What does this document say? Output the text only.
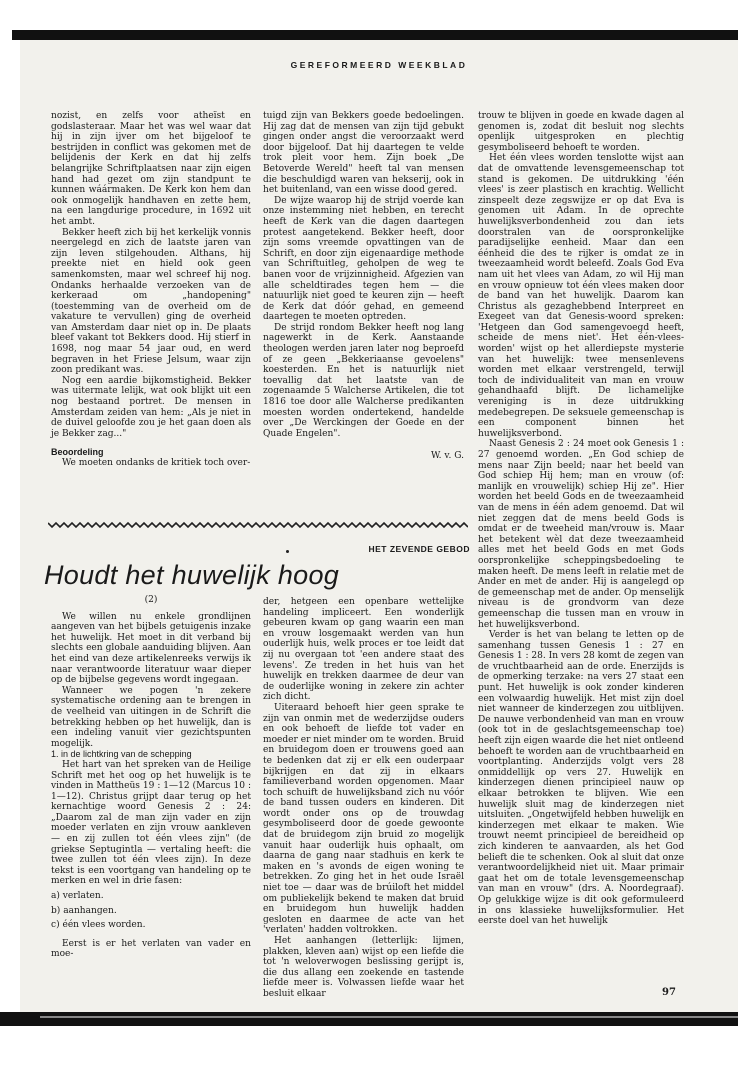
GEREFORMEERD WEEKBLAD

nozist, en zelfs voor atheïst en godslasteraar. Maar het was wel waar dat hij in zijn ijver om het bijgeloof te bestrijden in conflict was gekomen met de belijdenis der Kerk en dat hij zelfs belangrijke Schriftplaatsen naar zijn eigen hand had gezet om zijn standpunt te kunnen wáármaken. De Kerk kon hem dan ook onmogelijk handhaven en zette hem, na een langdurige procedure, in 1692 uit het ambt.

Bekker heeft zich bij het kerkelijk vonnis neergelegd en zich de laatste jaren van zijn leven stilgehouden. Althans, hij preekte niet en hield ook geen samenkomsten, maar wel schreef hij nog. Ondanks herhaalde verzoeken van de kerkeraad om „handopening" (toestemming van de overheid om de vakature te vervullen) ging de overheid van Amsterdam daar niet op in. De plaats bleef vakant tot Bekkers dood. Hij stierf in 1698, nog maar 54 jaar oud, en werd begraven in het Friese Jelsum, waar zijn zoon predikant was.

Nog een aardie bijkomstigheid. Bekker was uitermate lelijk, wat ook blijkt uit een nog bestaand portret. De mensen in Amsterdam zeiden van hem: „Als je niet in de duivel geloofde zou je het gaan doen als je Bekker zag..."

Beoordeling

We moeten ondanks de kritiek toch over-

tuigd zijn van Bekkers goede bedoelingen. Hij zag dat de mensen van zijn tijd gebukt gingen onder angst die veroorzaakt werd door bijgeloof. Dat hij daartegen te velde trok pleit voor hem. Zijn boek „De Betoverde Wereld" heeft tal van mensen die beschuldigd waren van hekserij, ook in het buitenland, van een wisse dood gered.

De wijze waarop hij de strijd voerde kan onze instemming niet hebben, en terecht heeft de Kerk van die dagen daartegen protest aangetekend. Bekker heeft, door zijn soms vreemde opvattingen van de Schrift, en door zijn eigenaardige methode van Schriftuitleg, geholpen de weg te banen voor de vrijzinnigheid. Afgezien van alle scheldtirades tegen hem — die natuurlijk niet goed te keuren zijn — heeft de Kerk dat dóór gehad, en gemeend daartegen te moeten optreden.

De strijd rondom Bekker heeft nog lang nagewerkt in de Kerk. Aanstaande theologen werden jaren later nog beproefd of ze geen „Bekkeriaanse gevoelens" koesterden. En het is natuurlijk niet toevallig dat het laatste van de zogenaamde 5 Walcherse Artikelen, die tot 1816 toe door alle Walcherse predikanten moesten worden ondertekend, handelde over „De Werckingen der Goede en der Quade Engelen".

W. v. G.

trouw te blijven in goede en kwade dagen al genomen is, zodat dit besluit nog slechts openlijk uitgesproken en plechtig gesymboliseerd behoeft te worden.

Het één vlees worden tenslotte wijst aan dat de omvattende levensgemeenschap tot stand is gekomen. De uitdrukking 'één vlees' is zeer plastisch en krachtig. Wellicht zinspeelt deze zegswijze er op dat Eva is genomen uit Adam. In de oprechte huwelijksverbondenheid zou dan iets doorstralen van de oorspronkelijke paradijselijke eenheid. Maar dan een éénheid die des te rijker is omdat ze in tweezaamheid wordt beleefd. Zoals God Eva nam uit het vlees van Adam, zo wil Hij man en vrouw opnieuw tot één vlees maken door de band van het huwelijk. Daarom kan Christus als gezaghebbend Interpreet en Exegeet van dat Genesis-woord spreken: 'Hetgeen dan God samengevoegd heeft, scheide de mens niet'. Het één-vlees-worden' wijst op het allerdiepste mysterie van het huwelijk: twee mensenlevens worden met elkaar verstrengeld, terwijl toch de individualiteit van man en vrouw gehandhaafd blijft. De lichamelijke vereniging is in deze uitdrukking medebegrepen. De seksuele gemeenschap is een component binnen het huwelijksverbond.

Naast Genesis 2 : 24 moet ook Genesis 1 : 27 genoemd worden. „En God schiep de mens naar Zijn beeld; naar het beeld van God schiep Hij hem; man en vrouw (of: manlijk en vrouwelijk) schiep Hij ze". Hier worden het beeld Gods en de tweezaamheid van de mens in één adem genoemd. Dat wil niet zeggen dat de mens beeld Gods is omdat er de tweeheid man/vrouw is. Maar het betekent wèl dat deze tweezaamheid alles met het beeld Gods en met Gods oorspronkelijke scheppingsbedoeling te maken heeft. De mens leeft in relatie met de Ander en met de ander. Hij is aangelegd op de gemeenschap met de ander. Op menselijk niveau is de grondvorm van deze gemeenschap die tussen man en vrouw in het huwelijksverbond.

Verder is het van belang te letten op de samenhang tussen Genesis 1 : 27 en Genesis 1 : 28. In vers 28 komt de zegen van de vruchtbaarheid aan de orde. Enerzijds is de opmerking terzake: na vers 27 staat een punt. Het huwelijk is ook zonder kinderen een volwaardig huwelijk. Het mist zijn doel niet wanneer de kinderzegen zou uitblijven. De nauwe verbondenheid van man en vrouw (ook tot in de geslachtsgemeenschap toe) heeft zijn eigen waarde die het niet ontleend behoeft te worden aan de vruchtbaarheid en voortplanting. Anderzijds volgt vers 28 onmiddellijk op vers 27. Huwelijk en kinderzegen dienen principieel nauw op elkaar betrokken te blijven. Wie een huwelijk sluit mag de kinderzegen niet uitsluiten. „Ongetwijfeld hebben huwelijk en kinderzegen met elkaar te maken. Wie trouwt neemt principieel de bereidheid op zich kinderen te aanvaarden, als het God belieft die te schenken. Ook al sluit dat onze verantwoordelijkheid niet uit. Maar primair gaat het om de totale levensgemeenschap van man en vrouw" (drs. A. Noordegraaf). Op gelukkige wijze is dit ook geformuleerd in ons klassieke huwelijksformulier. Het eerste doel van het huwelijk

HET ZEVENDE GEBOD
Houdt het huwelijk hoog
(2)

We willen nu enkele grondlijnen aangeven van het bijbels getuigenis inzake het huwelijk. Het moet in dit verband bij slechts een globale aanduiding blijven. Aan het eind van deze artikelenreeks verwijs ik naar verantwoorde literatuur waar dieper op de bijbelse gegevens wordt ingegaan.

Wanneer we pogen 'n zekere systematische ordening aan te brengen in de veelheid van uitingen in de Schrift die betrekking hebben op het huwelijk, dan is een indeling vanuit vier gezichtspunten mogelijk.

1. in de lichtkring van de schepping

Het hart van het spreken van de Heilige Schrift met het oog op het huwelijk is te vinden in Mattheüs 19 : 1—12 (Marcus 10 : 1—12). Christus grijpt daar terug op het kernachtige woord Genesis 2 : 24: „Daarom zal de man zijn vader en zijn moeder verlaten en zijn vrouw aankleven — en zij zullen tot één vlees zijn" (de griekse Septugintla — vertaling heeft: die twee zullen tot één vlees zijn). In deze tekst is een voortgang van handeling op te merken en wel in drie fasen:

a) verlaten.

b) aanhangen.

c) één vlees worden.

Eerst is er het verlaten van vader en moe-

der, hetgeen een openbare wettelijke handeling impliceert. Een wonderlijk gebeuren kwam op gang waarin een man en vrouw losgemaakt werden van hun ouderlijk huis, welk proces er toe leidt dat zij nu overgaan tot 'een andere staat des levens'. Ze treden in het huis van het huwelijk en trekken daarmee de deur van de ouderlijke woning in zekere zin achter zich dicht.

Uiteraard behoeft hier geen sprake te zijn van onmin met de wederzijdse ouders en ook behoeft de liefde tot vader en moeder er niet minder om te worden. Bruid en bruidegom doen er trouwens goed aan te bedenken dat zij er elk een ouderpaar bijkrijgen en dat zij in elkaars familieverband worden opgenomen. Maar toch schuift de huwelijksband zich nu vóór de band tussen ouders en kinderen. Dit wordt onder ons op de trouwdag gesymboliseerd door de goede gewoonte dat de bruidegom zijn bruid zo mogelijk vanuit haar ouderlijk huis ophaalt, om daarna de gang naar stadhuis en kerk te maken en 's avonds de eigen woning te betrekken. Zo ging het in het oude Israël niet toe — daar was de brúiloft het middel om publiekelijk bekend te maken dat bruid en bruidegom hun huwelijk hadden gesloten en daarmee de acte van het 'verlaten' hadden voltrokken.

Het aanhangen (letterlijk: lijmen, plakken, kleven aan) wijst op een liefde die tot 'n weloverwogen beslissing gerijpt is, die dus allang een zoekende en tastende liefde meer is. Volwassen liefde waar het besluit elkaar	97
